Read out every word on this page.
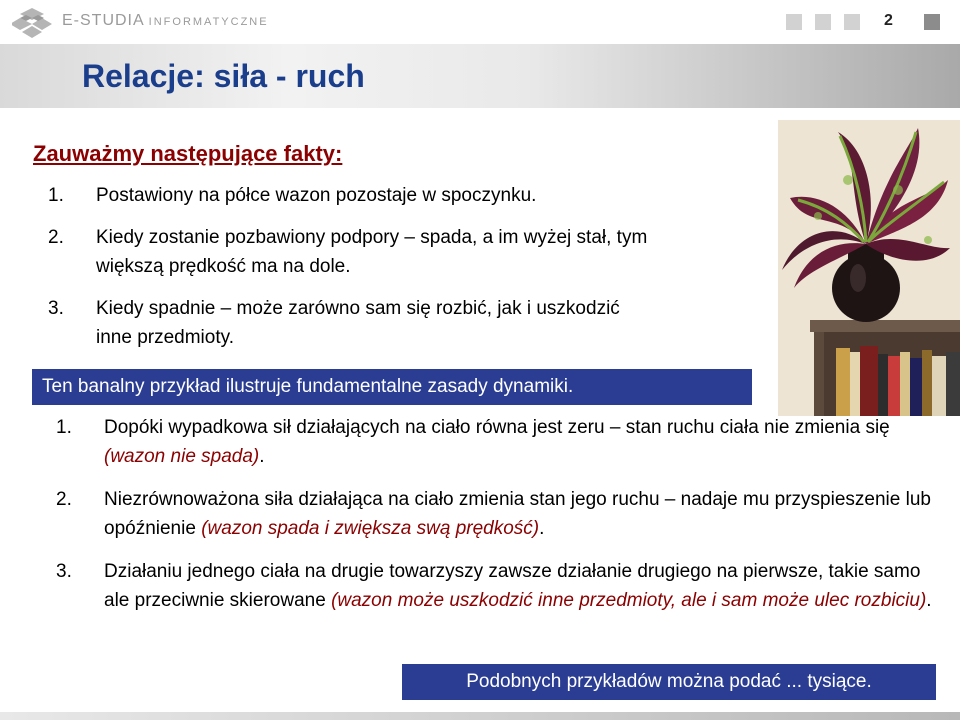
E-STUDIA INFORMATYCZNE	2
Relacje: siła - ruch
Zauważmy następujące fakty:
1. Postawiony na półce wazon pozostaje w spoczynku.
2. Kiedy zostanie pozbawiony podpory – spada, a im wyżej stał, tym większą prędkość ma na dole.
3. Kiedy spadnie – może zarówno sam się rozbić, jak i uszkodzić inne przedmioty.
Ten banalny przykład ilustruje fundamentalne zasady dynamiki.
1. Dopóki wypadkowa sił działających na ciało równa jest zeru – stan ruchu ciała nie zmienia się (wazon nie spada).
2. Niezrównoważona siła działająca na ciało zmienia stan jego ruchu – nadaje mu przyspieszenie lub opóźnienie (wazon spada i zwiększa swą prędkość).
3. Działaniu jednego ciała na drugie towarzyszy zawsze działanie drugiego na pierwsze, takie samo ale przeciwnie skierowane (wazon może uszkodzić inne przedmioty, ale i sam może ulec rozbiciu).
Podobnych przykładów można podać ... tysiące.
